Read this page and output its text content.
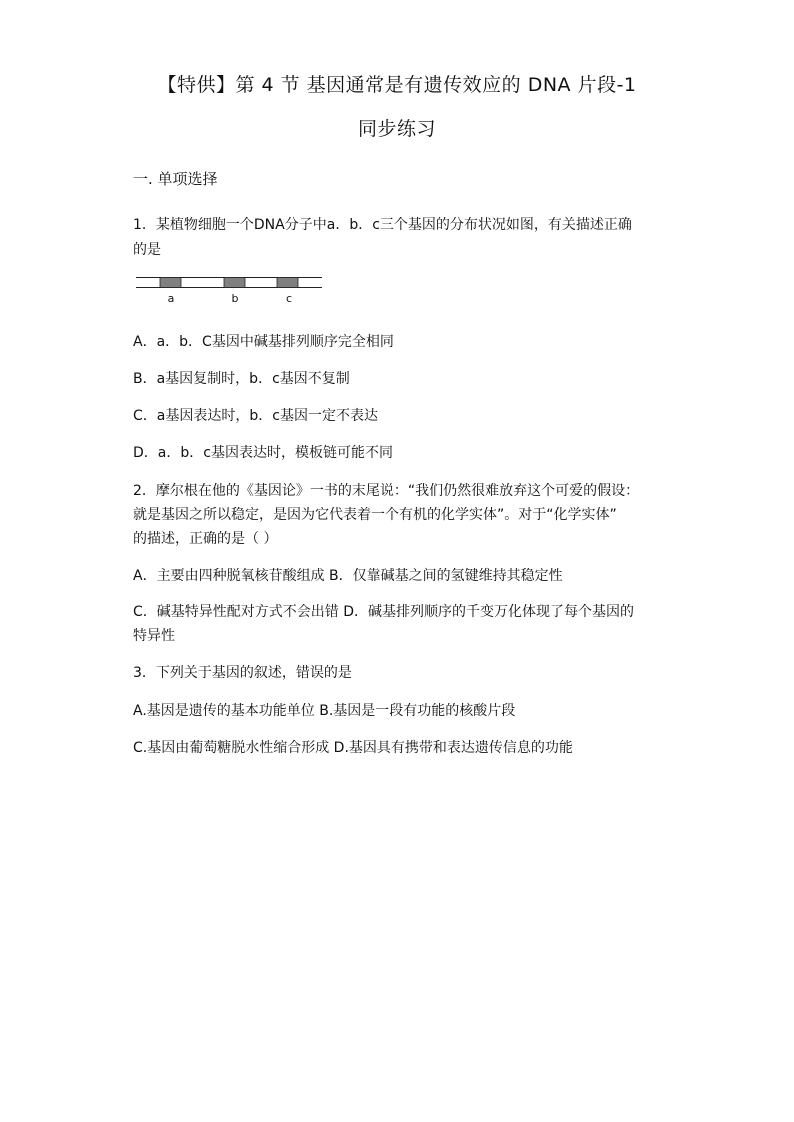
【特供】第 4 节 基因通常是有遗传效应的 DNA 片段-1
同步练习
一. 单项选择
1．某植物细胞一个DNA分子中a．b．c三个基因的分布状况如图，有关描述正确
的是
a	b	c
A．a．b．C基因中碱基排列顺序完全相同
B．a基因复制时，b．c基因不复制
C．a基因表达时，b．c基因一定不表达
D．a．b．c基因表达时，模板链可能不同
2．摩尔根在他的《基因论》一书的末尾说：“我们仍然很难放弃这个可爱的假设：
就是基因之所以稳定，是因为它代表着一个有机的化学实体”。对于“化学实体”
的描述，正确的是（ ）
A．主要由四种脱氧核苷酸组成 B．仅靠碱基之间的氢键维持其稳定性
C．碱基特异性配对方式不会出错 D．碱基排列顺序的千变万化体现了每个基因的
特异性
3．下列关于基因的叙述，错误的是
A.基因是遗传的基本功能单位 B.基因是一段有功能的核酸片段
C.基因由葡萄糖脱水性缩合形成 D.基因具有携带和表达遗传信息的功能
